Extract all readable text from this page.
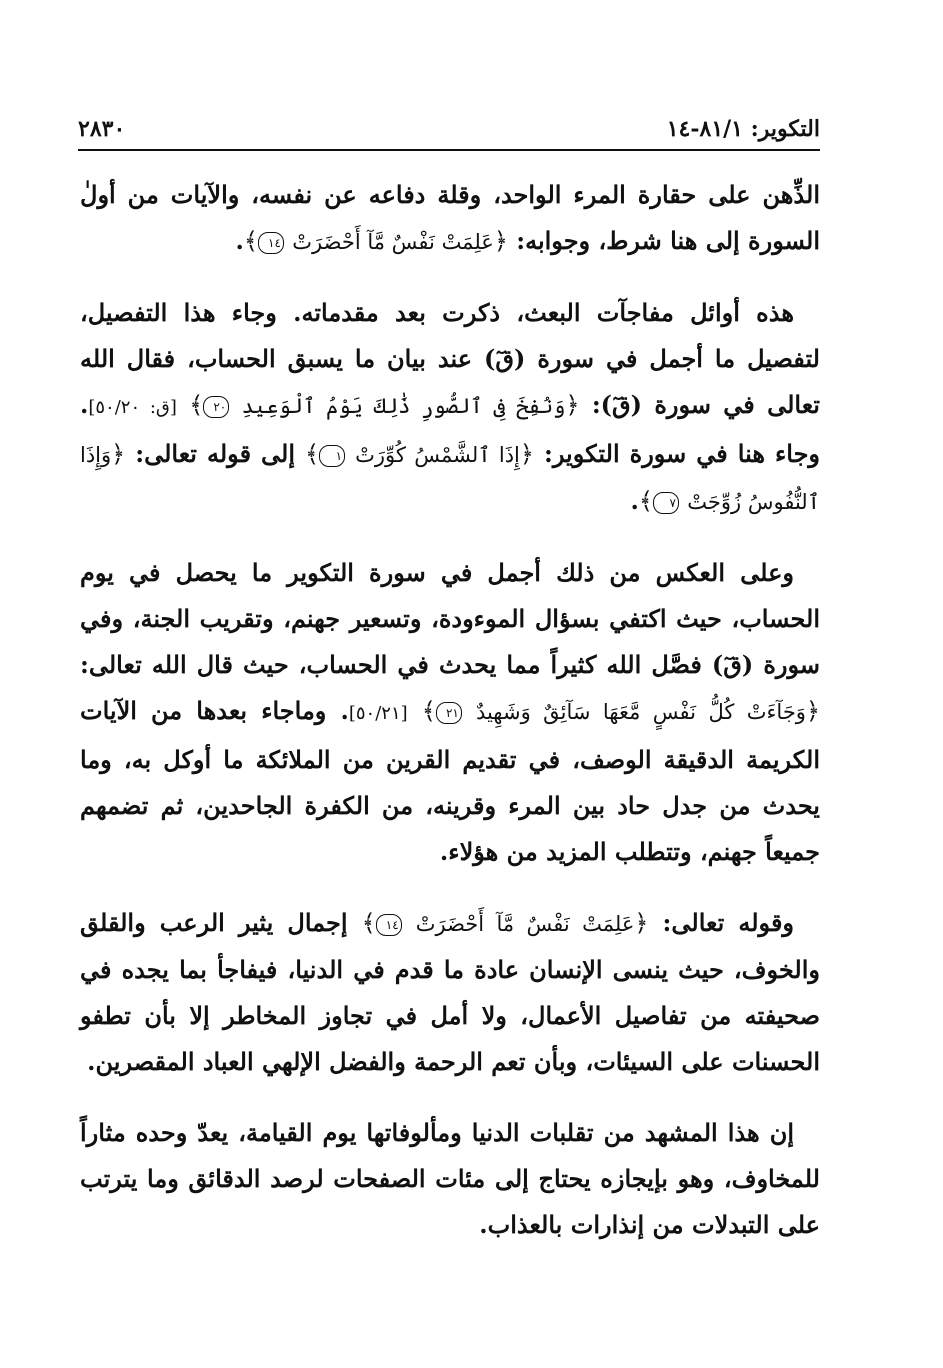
التكوير: ٨١/١-١٤
٢٨٣٠

الذِّهن على حقارة المرء الواحد، وقلة دفاعه عن نفسه، والآيات من أولٰ السورة إلى هنا شرط، وجوابه: ﴿عَلِمَتْ نَفْسٌ مَّآ أَحْضَرَتْ ١٤﴾.

هذه أوائل مفاجآت البعث، ذكرت بعد مقدماته. وجاء هذا التفصيل، لتفصيل ما أجمل في سورة (قٓ) عند بيان ما يسبق الحساب، فقال الله تعالى في سورة (قٓ): ﴿وَنُفِخَ فِى ٱلصُّورِ ذَٰلِكَ يَوْمُ ٱلْوَعِيدِ ٢٠﴾ [ق: ٥٠/٢٠]. وجاء هنا في سورة التكوير: ﴿إِذَا ٱلشَّمْسُ كُوِّرَتْ ١﴾ إلى قوله تعالى: ﴿وَإِذَا ٱلنُّفُوسُ زُوِّجَتْ ٧﴾.

وعلى العكس من ذلك أجمل في سورة التكوير ما يحصل في يوم الحساب، حيث اكتفي بسؤال الموءودة، وتسعير جهنم، وتقريب الجنة، وفي سورة (قٓ) فصَّل الله كثيراً مما يحدث في الحساب، حيث قال الله تعالى: ﴿وَجَآءَتْ كُلُّ نَفْسٍ مَّعَهَا سَآئِقٌ وَشَهِيدٌ ٢١﴾ [٥٠/٢١]. وماجاء بعدها من الآيات الكريمة الدقيقة الوصف، في تقديم القرين من الملائكة ما أوكل به، وما يحدث من جدل حاد بين المرء وقرينه، من الكفرة الجاحدين، ثم تضمهم جميعاً جهنم، وتتطلب المزيد من هؤلاء.

وقوله تعالى: ﴿عَلِمَتْ نَفْسٌ مَّآ أَحْضَرَتْ ١٤﴾ إجمال يثير الرعب والقلق والخوف، حيث ينسى الإنسان عادة ما قدم في الدنيا، فيفاجأ بما يجده في صحيفته من تفاصيل الأعمال، ولا أمل في تجاوز المخاطر إلا بأن تطفو الحسنات على السيئات، وبأن تعم الرحمة والفضل الإلهي العباد المقصرين.

إن هذا المشهد من تقلبات الدنيا ومألوفاتها يوم القيامة، يعدّ وحده مثاراً للمخاوف، وهو بإيجازه يحتاج إلى مئات الصفحات لرصد الدقائق وما يترتب على التبدلات من إنذارات بالعذاب.
